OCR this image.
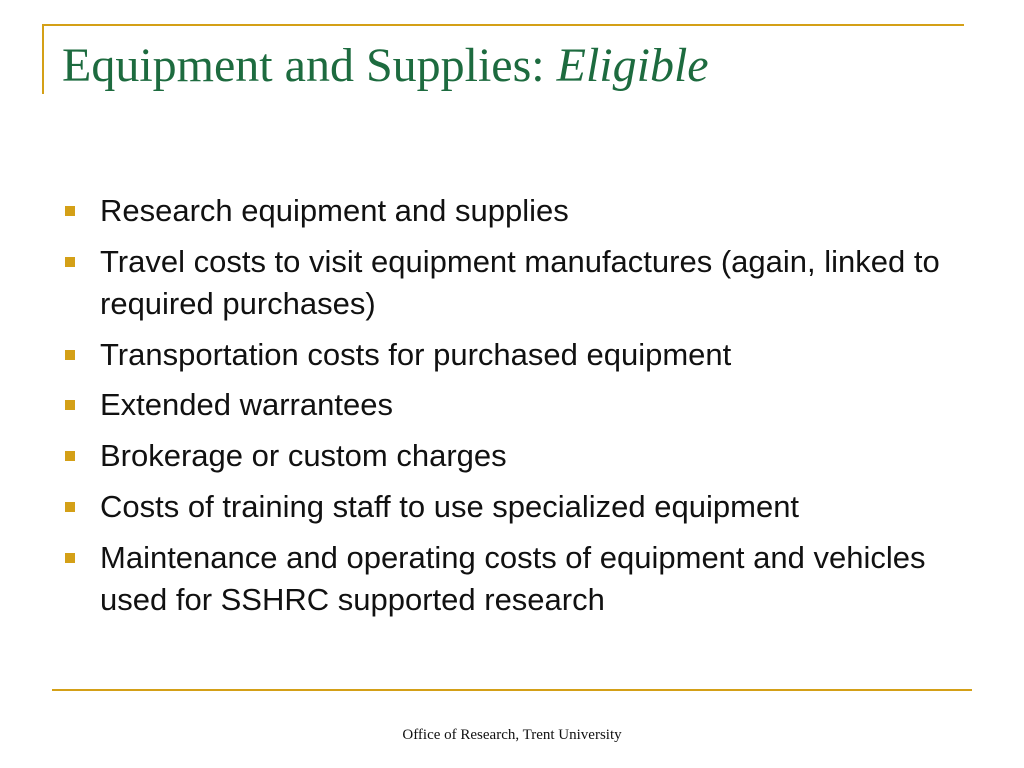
Equipment and Supplies: Eligible
Research equipment and supplies
Travel costs to visit equipment manufactures (again, linked to required purchases)
Transportation costs for purchased equipment
Extended warrantees
Brokerage or custom charges
Costs of training staff to use specialized equipment
Maintenance and operating costs of equipment and vehicles used for SSHRC supported research
Office of Research, Trent University
